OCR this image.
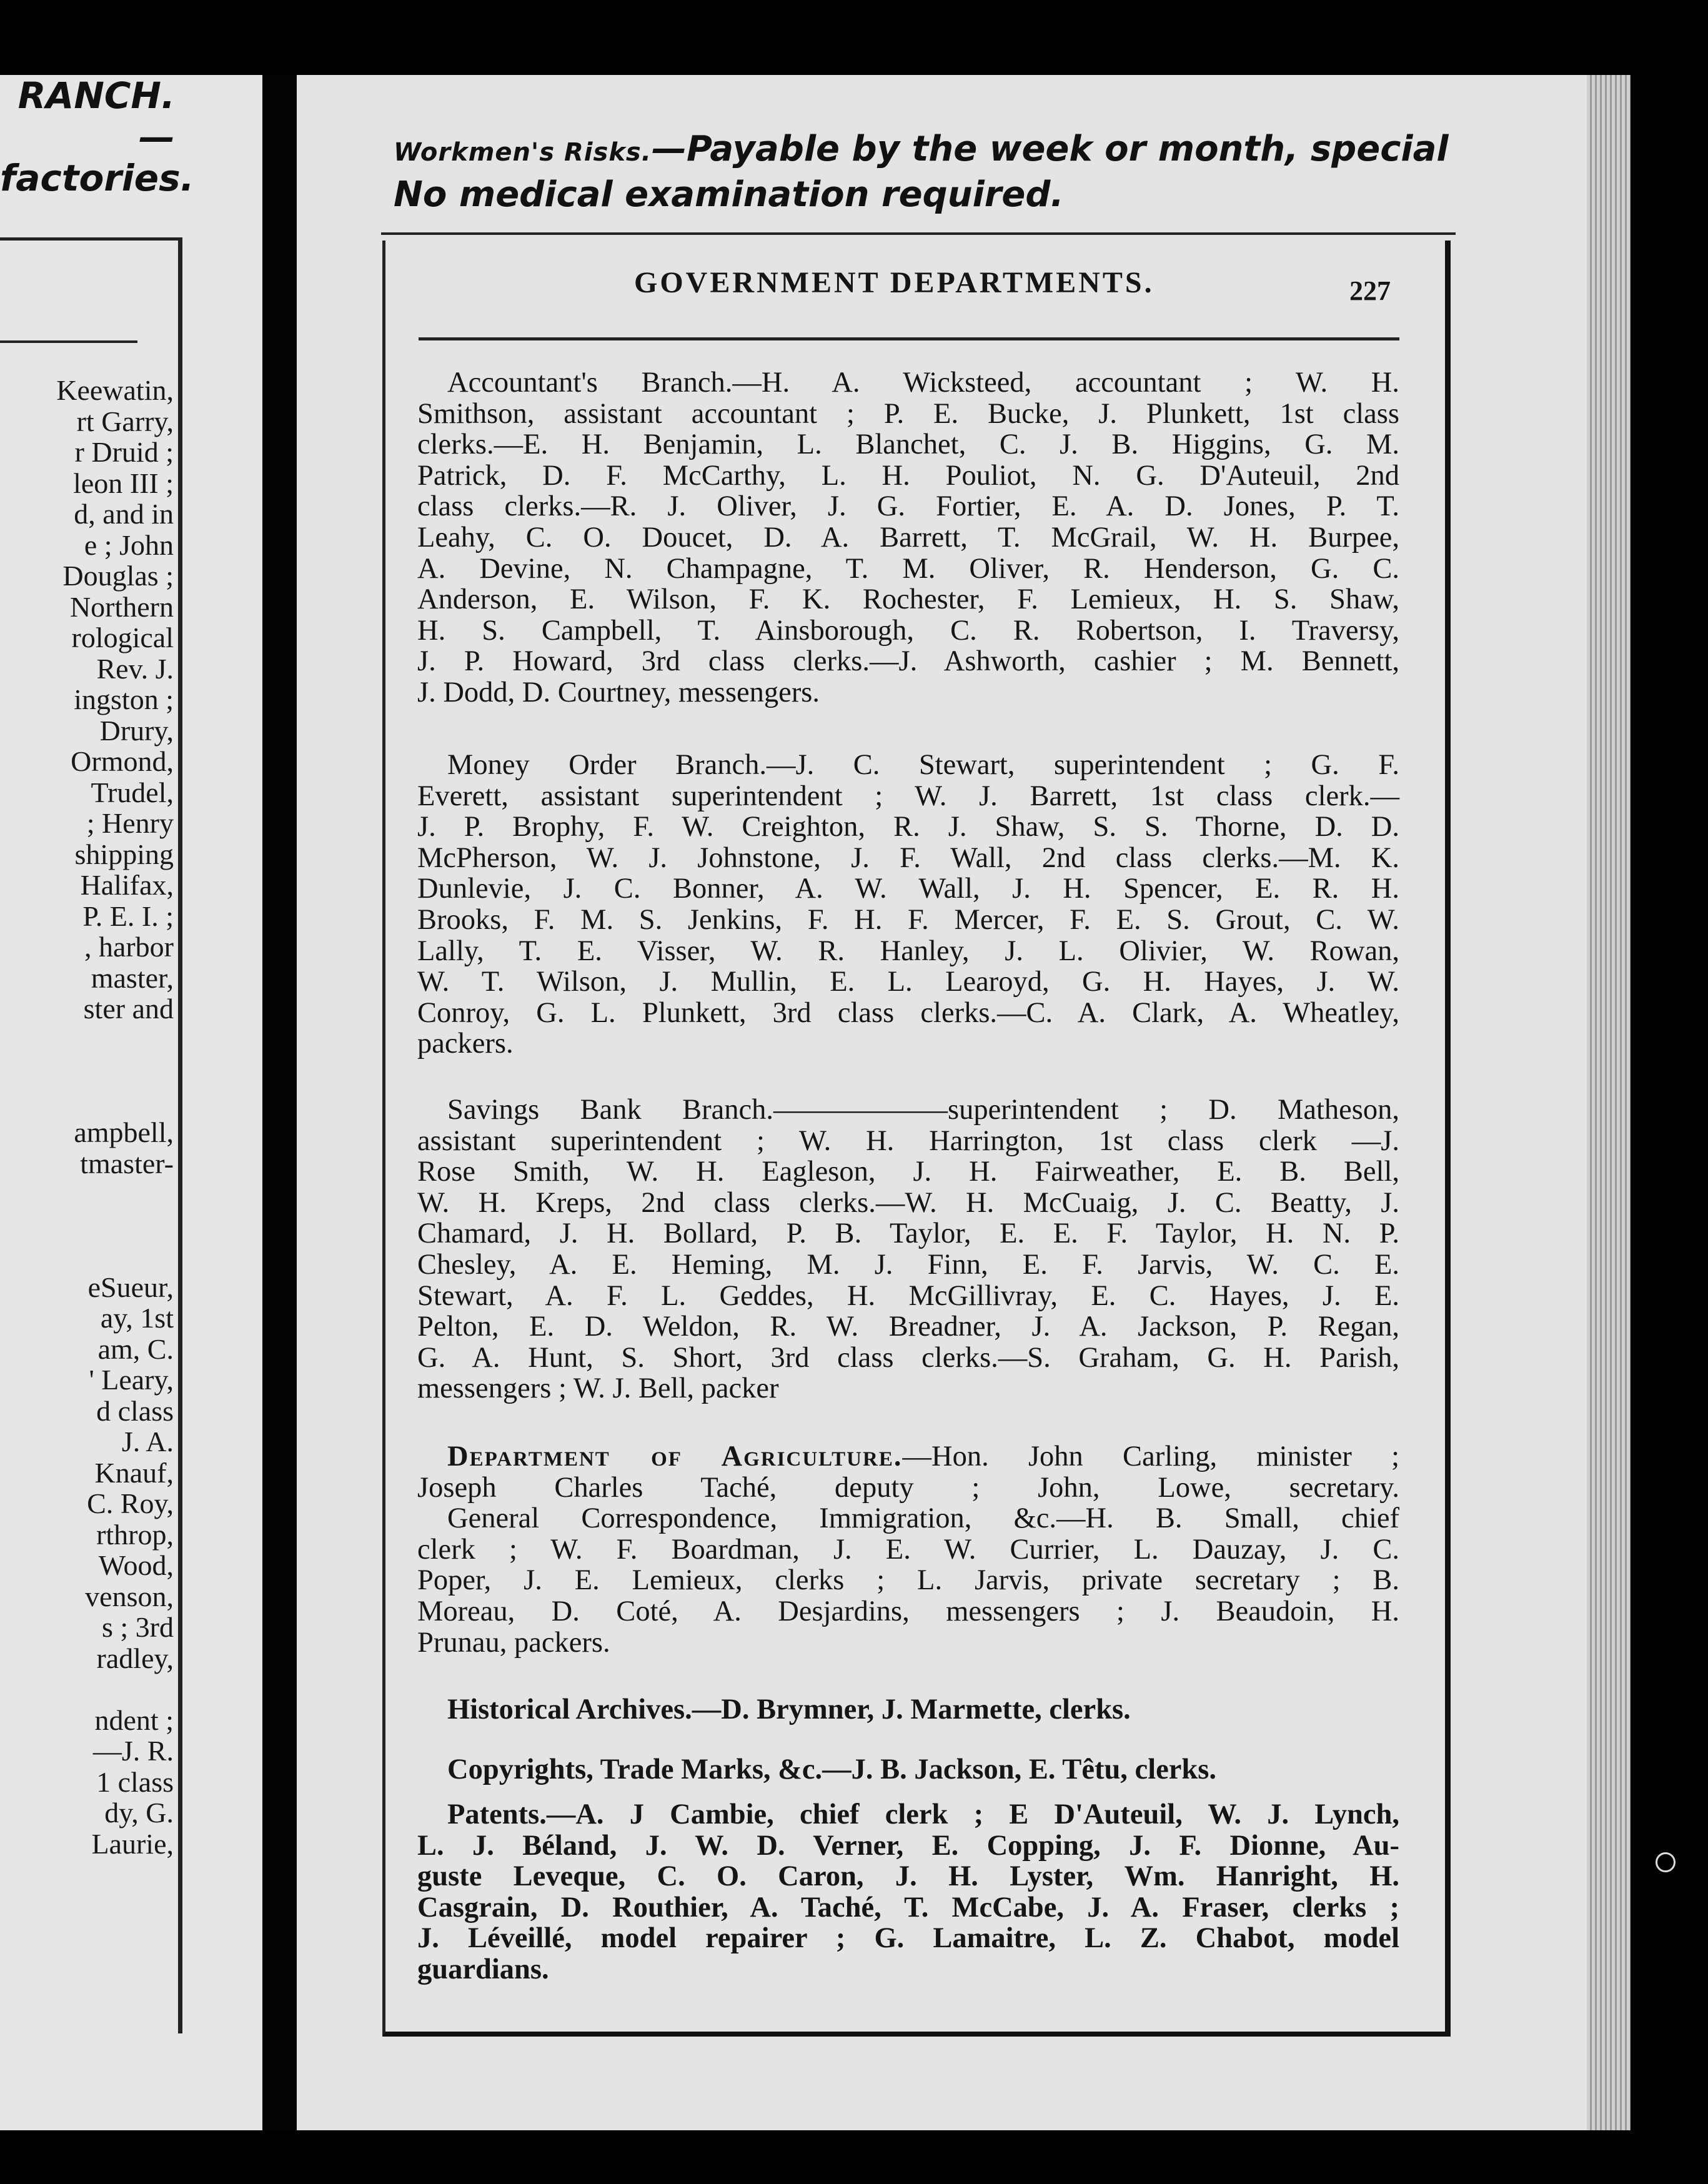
RANCH.—
factories.
Keewatin,
rt Garry,
r Druid ;
leon III ;
d, and in
e ; John
Douglas ;
Northern
rological
Rev. J.
ingston ;
Drury,
Ormond,
Trudel,
; Henry
shipping
Halifax,
P. E. I. ;
, harbor
master,
ster and
ampbell,
tmaster-
eSueur,
ay, 1st
am, C.
' Leary,
d class
J. A.
Knauf,
C. Roy,
rthrop,
Wood,
venson,
s ; 3rd
radley,
ndent ;
—J. R.
1 class
dy, G.
Laurie,
Workmen's Risks.—Payable by the week or month, special
No medical examination required.
GOVERNMENT DEPARTMENTS.	227
Accountant's Branch.—H. A. Wicksteed, accountant ; W. H.
Smithson, assistant accountant ; P. E. Bucke, J. Plunkett, 1st class
clerks.—E. H. Benjamin, L. Blanchet, C. J. B. Higgins, G. M.
Patrick, D. F. McCarthy, L. H. Pouliot, N. G. D'Auteuil, 2nd
class clerks.—R. J. Oliver, J. G. Fortier, E. A. D. Jones, P. T.
Leahy, C. O. Doucet, D. A. Barrett, T. McGrail, W. H. Burpee,
A. Devine, N. Champagne, T. M. Oliver, R. Henderson, G. C.
Anderson, E. Wilson, F. K. Rochester, F. Lemieux, H. S. Shaw,
H. S. Campbell, T. Ainsborough, C. R. Robertson, I. Traversy,
J. P. Howard, 3rd class clerks.—J. Ashworth, cashier ; M. Bennett,
J. Dodd, D. Courtney, messengers.
Money Order Branch.—J. C. Stewart, superintendent ; G. F.
Everett, assistant superintendent ; W. J. Barrett, 1st class clerk.—
J. P. Brophy, F. W. Creighton, R. J. Shaw, S. S. Thorne, D. D.
McPherson, W. J. Johnstone, J. F. Wall, 2nd class clerks.—M. K.
Dunlevie, J. C. Bonner, A. W. Wall, J. H. Spencer, E. R. H.
Brooks, F. M. S. Jenkins, F. H. F. Mercer, F. E. S. Grout, C. W.
Lally, T. E. Visser, W. R. Hanley, J. L. Olivier, W. Rowan,
W. T. Wilson, J. Mullin, E. L. Learoyd, G. H. Hayes, J. W.
Conroy, G. L. Plunkett, 3rd class clerks.—C. A. Clark, A. Wheatley,
packers.
Savings Bank Branch.——————superintendent ; D. Matheson,
assistant superintendent ; W. H. Harrington, 1st class clerk —J.
Rose Smith, W. H. Eagleson, J. H. Fairweather, E. B. Bell,
W. H. Kreps, 2nd class clerks.—W. H. McCuaig, J. C. Beatty, J.
Chamard, J. H. Bollard, P. B. Taylor, E. E. F. Taylor, H. N. P.
Chesley, A. E. Heming, M. J. Finn, E. F. Jarvis, W. C. E.
Stewart, A. F. L. Geddes, H. McGillivray, E. C. Hayes, J. E.
Pelton, E. D. Weldon, R. W. Breadner, J. A. Jackson, P. Regan,
G. A. Hunt, S. Short, 3rd class clerks.—S. Graham, G. H. Parish,
messengers ; W. J. Bell, packer
Department of Agriculture.—Hon. John Carling, minister ;
Joseph Charles Taché, deputy ; John, Lowe, secretary.
General Correspondence, Immigration, &c.—H. B. Small, chief
clerk ; W. F. Boardman, J. E. W. Currier, L. Dauzay, J. C.
Poper, J. E. Lemieux, clerks ; L. Jarvis, private secretary ; B.
Moreau, D. Coté, A. Desjardins, messengers ; J. Beaudoin, H.
Prunau, packers.
Historical Archives.—D. Brymner, J. Marmette, clerks.
Copyrights, Trade Marks, &c.—J. B. Jackson, E. Têtu, clerks.
Patents.—A. J Cambie, chief clerk ; E D'Auteuil, W. J. Lynch,
L. J. Béland, J. W. D. Verner, E. Copping, J. F. Dionne, Au-
guste Leveque, C. O. Caron, J. H. Lyster, Wm. Hanright, H.
Casgrain, D. Routhier, A. Taché, T. McCabe, J. A. Fraser, clerks ;
J. Léveillé, model repairer ; G. Lamaitre, L. Z. Chabot, model
guardians.
